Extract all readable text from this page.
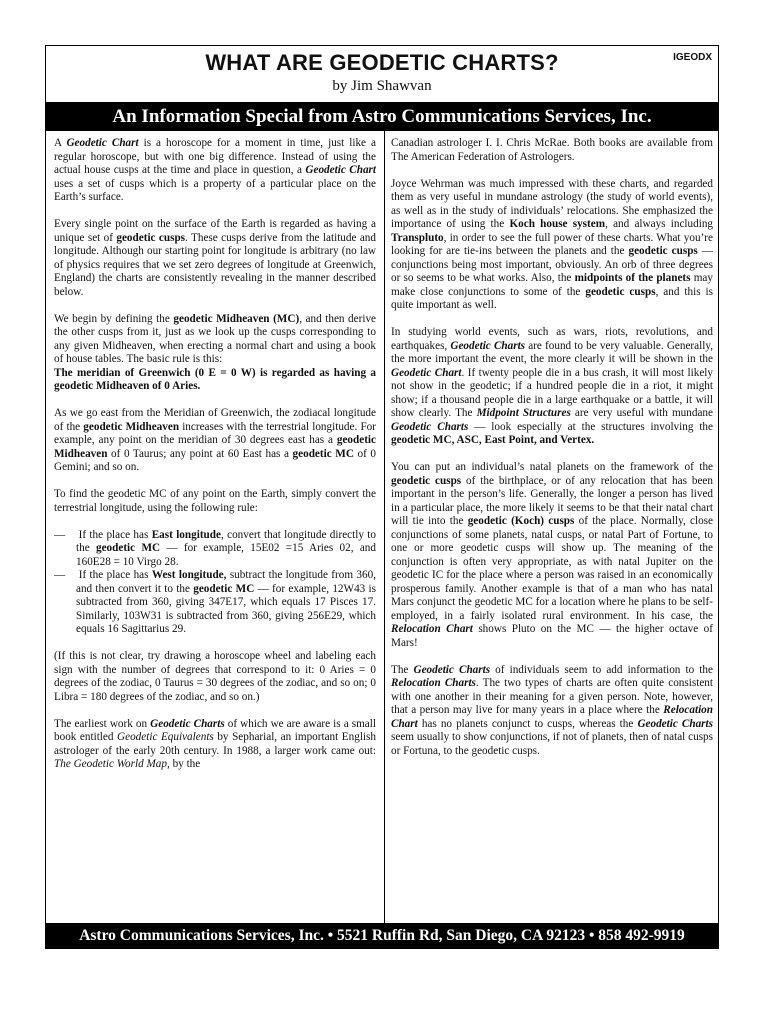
WHAT ARE GEODETIC CHARTS?	IGEODX
by Jim Shawvan
An Information Special from Astro Communications Services, Inc.

A Geodetic Chart is a horoscope for a moment in time, just like a regular horoscope, but with one big difference. Instead of using the actual house cusps at the time and place in question, a Geodetic Chart uses a set of cusps which is a property of a particular place on the Earth’s surface.

Every single point on the surface of the Earth is regarded as having a unique set of geodetic cusps. These cusps derive from the latitude and longitude. Although our starting point for longitude is arbitrary (no law of physics requires that we set zero degrees of longitude at Greenwich, England) the charts are consistently revealing in the manner described below.

We begin by defining the geodetic Midheaven (MC), and then derive the other cusps from it, just as we look up the cusps corresponding to any given Midheaven, when erecting a normal chart and using a book of house tables. The basic rule is this:
The meridian of Greenwich (0 E = 0 W) is regarded as having a geodetic Midheaven of 0 Aries.

As we go east from the Meridian of Greenwich, the zodiacal longitude of the geodetic Midheaven increases with the terrestrial longitude. For example, any point on the meridian of 30 degrees east has a geodetic Midheaven of 0 Taurus; any point at 60 East has a geodetic MC of 0 Gemini; and so on.

To find the geodetic MC of any point on the Earth, simply convert the terrestrial longitude, using the following rule:

— If the place has East longitude, convert that longitude directly to the geodetic MC — for example, 15E02 =15 Aries 02, and 160E28 = 10 Virgo 28.
— If the place has West longitude, subtract the longitude from 360, and then convert it to the geodetic MC — for example, 12W43 is subtracted from 360, giving 347E17, which equals 17 Pisces 17. Similarly, 103W31 is subtracted from 360, giving 256E29, which equals 16 Sagittarius 29.

(If this is not clear, try drawing a horoscope wheel and labeling each sign with the number of degrees that correspond to it: 0 Aries = 0 degrees of the zodiac, 0 Taurus = 30 degrees of the zodiac, and so on; 0 Libra = 180 degrees of the zodiac, and so on.)

The earliest work on Geodetic Charts of which we are aware is a small book entitled Geodetic Equivalents by Sepharial, an important English astrologer of the early 20th century. In 1988, a larger work came out: The Geodetic World Map, by the

Canadian astrologer I. I. Chris McRae. Both books are available from The American Federation of Astrologers.

Joyce Wehrman was much impressed with these charts, and regarded them as very useful in mundane astrology (the study of world events), as well as in the study of individuals’ relocations. She emphasized the importance of using the Koch house system, and always including Transpluto, in order to see the full power of these charts. What you’re looking for are tie-ins between the planets and the geodetic cusps — conjunctions being most important, obviously. An orb of three degrees or so seems to be what works. Also, the midpoints of the planets may make close conjunctions to some of the geodetic cusps, and this is quite important as well.

In studying world events, such as wars, riots, revolutions, and earthquakes, Geodetic Charts are found to be very valuable. Generally, the more important the event, the more clearly it will be shown in the Geodetic Chart. If twenty people die in a bus crash, it will most likely not show in the geodetic; if a hundred people die in a riot, it might show; if a thousand people die in a large earthquake or a battle, it will show clearly. The Midpoint Structures are very useful with mundane Geodetic Charts — look especially at the structures involving the geodetic MC, ASC, East Point, and Vertex.

You can put an individual’s natal planets on the framework of the geodetic cusps of the birthplace, or of any relocation that has been important in the person’s life. Generally, the longer a person has lived in a particular place, the more likely it seems to be that their natal chart will tie into the geodetic (Koch) cusps of the place. Normally, close conjunctions of some planets, natal cusps, or natal Part of Fortune, to one or more geodetic cusps will show up. The meaning of the conjunction is often very appropriate, as with natal Jupiter on the geodetic IC for the place where a person was raised in an economically prosperous family. Another example is that of a man who has natal Mars conjunct the geodetic MC for a location where he plans to be self-employed, in a fairly isolated rural environment. In his case, the Relocation Chart shows Pluto on the MC — the higher octave of Mars!

The Geodetic Charts of individuals seem to add information to the Relocation Charts. The two types of charts are often quite consistent with one another in their meaning for a given person. Note, however, that a person may live for many years in a place where the Relocation Chart has no planets conjunct to cusps, whereas the Geodetic Charts seem usually to show conjunctions, if not of planets, then of natal cusps or Fortuna, to the geodetic cusps.

Astro Communications Services, Inc. • 5521 Ruffin Rd, San Diego, CA 92123 • 858 492-9919
